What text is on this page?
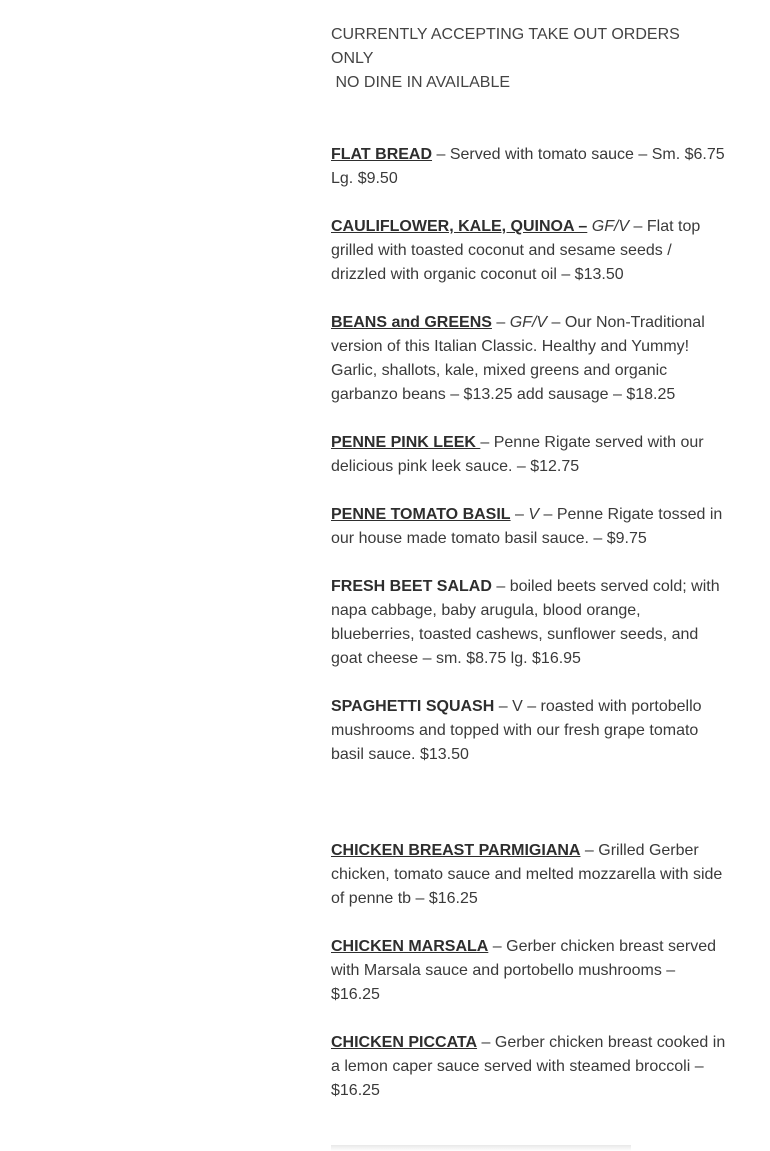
CURRENTLY ACCEPTING TAKE OUT ORDERS ONLY

NO DINE IN AVAILABLE

FLAT BREAD – Served with tomato sauce – Sm. $6.75 Lg. $9.50

CAULIFLOWER, KALE, QUINOA – GF/V – Flat top grilled with toasted coconut and sesame seeds / drizzled with organic coconut oil – $13.50

BEANS and GREENS – GF/V – Our Non-Traditional version of this Italian Classic. Healthy and Yummy! Garlic, shallots, kale, mixed greens and organic garbanzo beans – $13.25 add sausage – $18.25

PENNE PINK LEEK – Penne Rigate served with our delicious pink leek sauce. – $12.75

PENNE TOMATO BASIL – V – Penne Rigate tossed in our house made tomato basil sauce. – $9.75

FRESH BEET SALAD – boiled beets served cold; with napa cabbage, baby arugula, blood orange, blueberries, toasted cashews, sunflower seeds, and goat cheese – sm. $8.75 lg. $16.95

SPAGHETTI SQUASH – V – roasted with portobello mushrooms and topped with our fresh grape tomato basil sauce. $13.50

CHICKEN BREAST PARMIGIANA – Grilled Gerber chicken, tomato sauce and melted mozzarella with side of penne tb – $16.25

CHICKEN MARSALA – Gerber chicken breast served with Marsala sauce and portobello mushrooms – $16.25

CHICKEN PICCATA – Gerber chicken breast cooked in a lemon caper sauce served with steamed broccoli – $16.25
